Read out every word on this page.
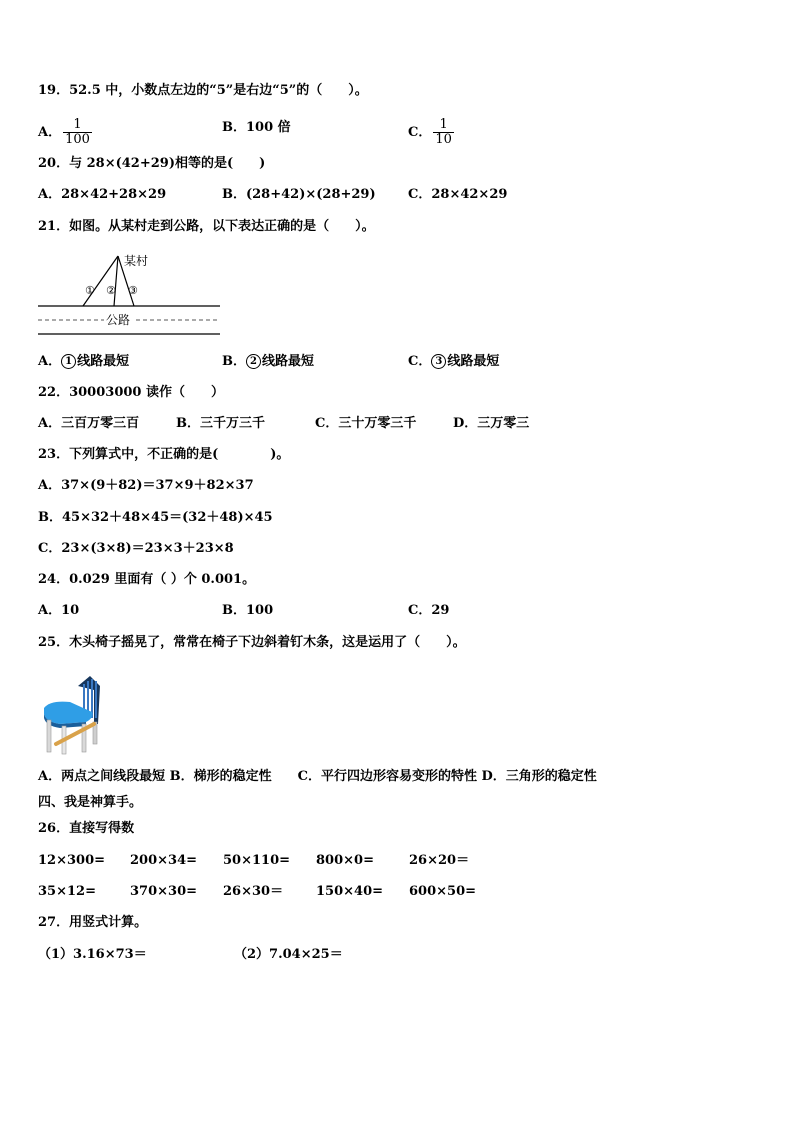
19．52.5 中，小数点左边的“5”是右边“5”的（　　）。
A． $\frac{1}{100}$	B．100 倍	C． $\frac{1}{10}$
20．与 28×(42+29)相等的是(　　)
A．28×42+28×29	B．(28+42)×(28+29) C．28×42×29
21．如图。从某村走到公路，以下表达正确的是（　　）。
某村
① ② ③
公路
A． 1 线路最短	B． 2 线路最短	C． 3 线路最短
22．30003000 读作（　　）
A．三百万零三百	B．三千万三千	C．三十万零三千	D．三万零三
23．下列算式中，不正确的是(　　　　)。
A．37×(9＋82)＝37×9＋82×37
B．45×32＋48×45＝(32＋48)×45
C．23×(3×8)＝23×3＋23×8
24．0.029 里面有（ ）个 0.001。
A．10	B．100	C．29
25．木头椅子摇晃了，常常在椅子下边斜着钉木条，这是运用了（　　）。
A．两点之间线段最短 B．梯形的稳定性　　C．平行四边形容易变形的特性 D．三角形的稳定性
四、我是神算手。
26．直接写得数
12×300= 200×34= 50×110= 800×0=	26×20＝
35×12=	370×30= 26×30＝	150×40= 600×50=
27．用竖式计算。
（1）3.16×73＝	（2）7.04×25＝
